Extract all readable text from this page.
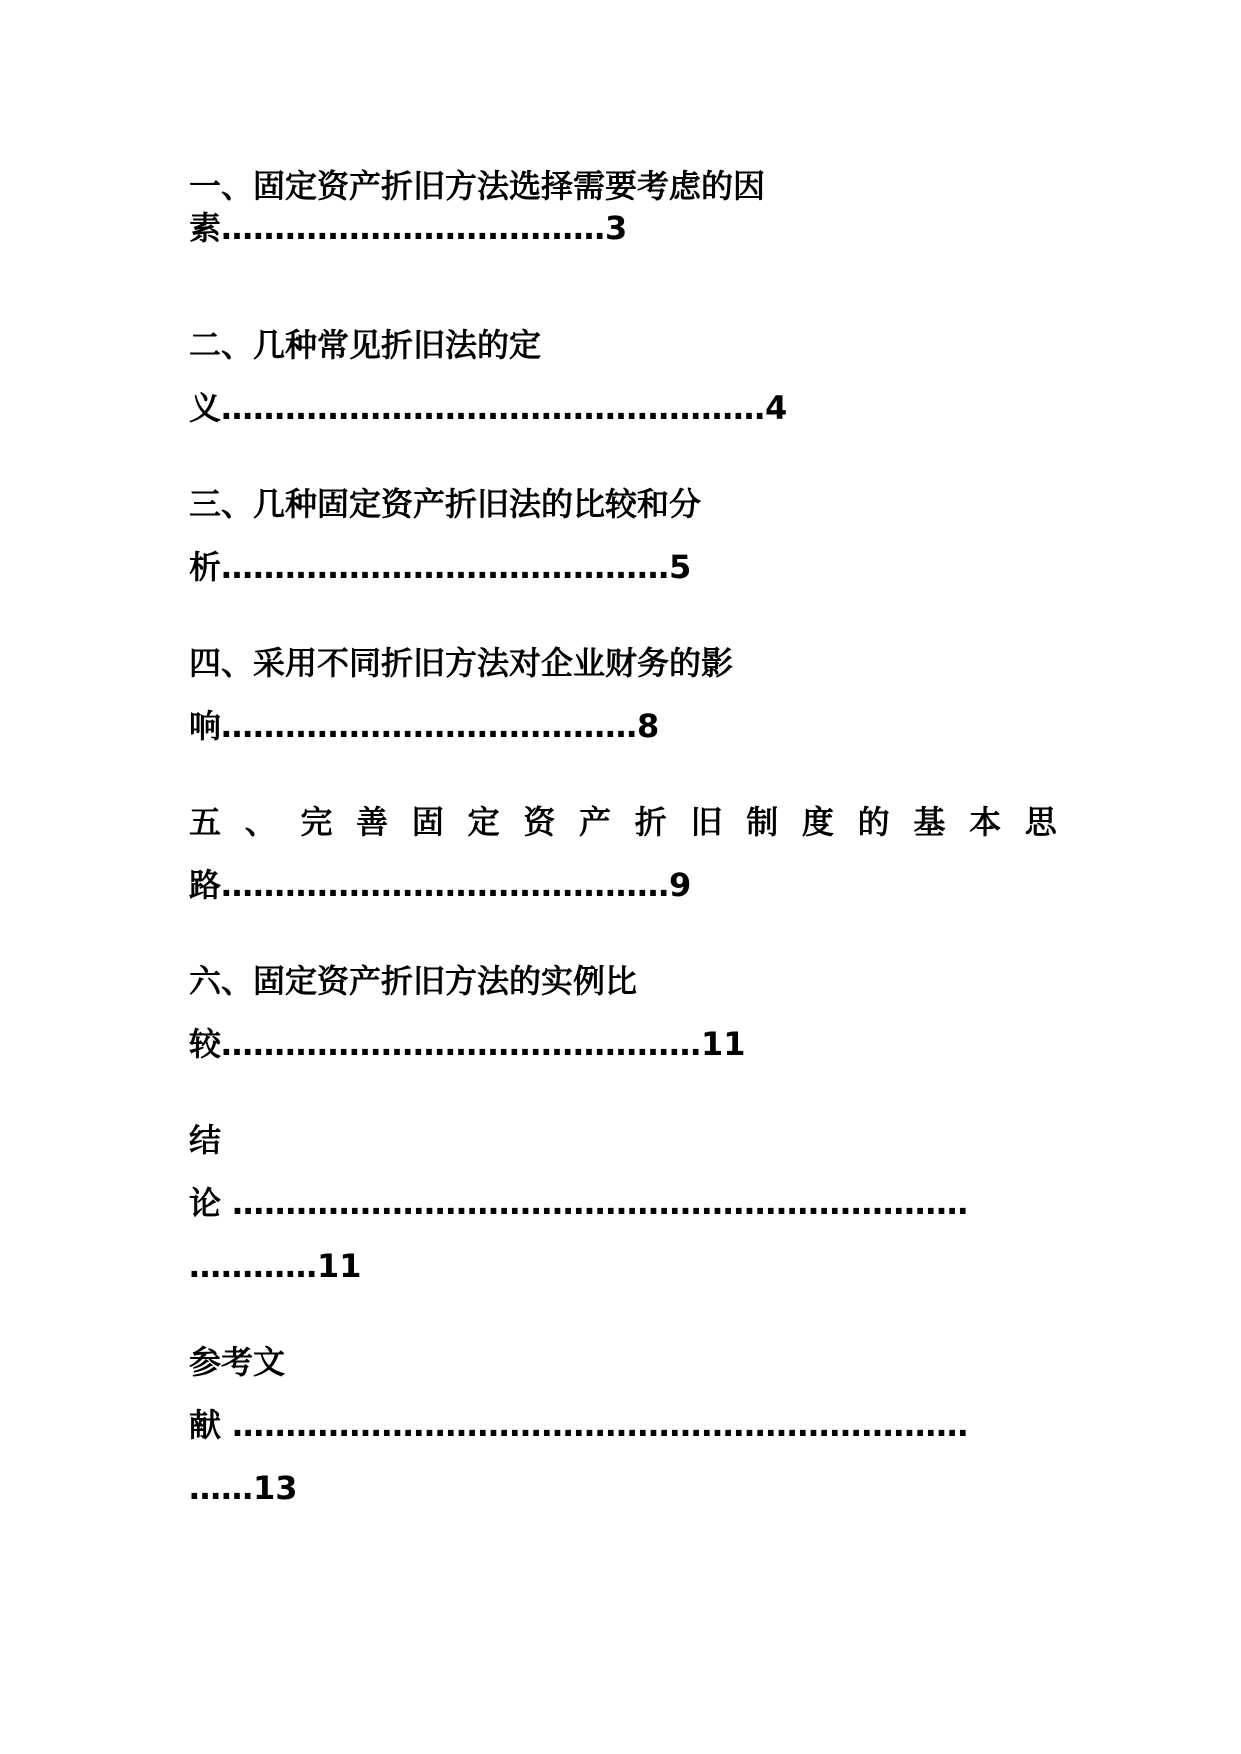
一、固定资产折旧方法选择需要考虑的因
素………………………………3
二、几种常见折旧法的定
义……………………………………………4
三、几种固定资产折旧法的比较和分
析……………………………………5
四、采用不同折旧方法对企业财务的影
响…………………………………8
五 、 完 善 固 定 资 产 折 旧 制 度 的 基 本 思
路……………………………………9
六、固定资产折旧方法的实例比
较………………………………………11
结
论 ……………………………………………………………
…………11
参考文
献 ……………………………………………………………
……13
